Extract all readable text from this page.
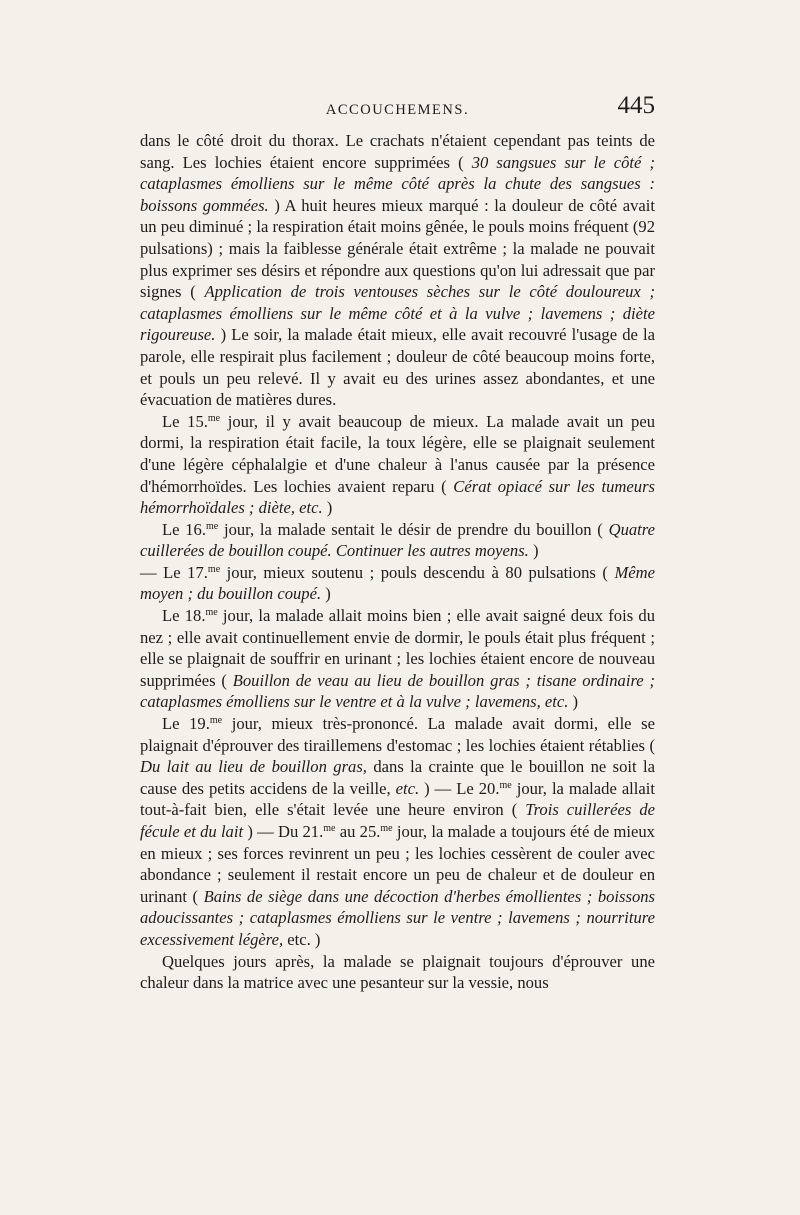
ACCOUCHEMENS.	445

dans le côté droit du thorax. Le crachats n'étaient cependant pas teints de sang. Les lochies étaient encore supprimées ( 30 sangsues sur le côté ; cataplasmes émolliens sur le même côté après la chute des sangsues : boissons gommées. ) A huit heures mieux marqué : la douleur de côté avait un peu diminué ; la respiration était moins gênée, le pouls moins fréquent (92 pulsations) ; mais la faiblesse générale était extrême ; la malade ne pouvait plus exprimer ses désirs et répondre aux questions qu'on lui adressait que par signes ( Application de trois ventouses sèches sur le côté douloureux ; cataplasmes émolliens sur le même côté et à la vulve ; lavemens ; diète rigoureuse. ) Le soir, la malade était mieux, elle avait recouvré l'usage de la parole, elle respirait plus facilement ; douleur de côté beaucoup moins forte, et pouls un peu relevé. Il y avait eu des urines assez abondantes, et une évacuation de matières dures.

Le 15.$^{me}$ jour, il y avait beaucoup de mieux. La malade avait un peu dormi, la respiration était facile, la toux légère, elle se plaignait seulement d'une légère céphalalgie et d'une chaleur à l'anus causée par la présence d'hémorrhoïdes. Les lochies avaient reparu ( Cérat opiacé sur les tumeurs hémorrhoïdales ; diète, etc. )

Le 16.$^{me}$ jour, la malade sentait le désir de prendre du bouillon ( Quatre cuillerées de bouillon coupé. Continuer les autres moyens. )

— Le 17.$^{me}$ jour, mieux soutenu ; pouls descendu à 80 pulsations ( Même moyen ; du bouillon coupé. )

Le 18.$^{me}$ jour, la malade allait moins bien ; elle avait saigné deux fois du nez ; elle avait continuellement envie de dormir, le pouls était plus fréquent ; elle se plaignait de souffrir en urinant ; les lochies étaient encore de nouveau supprimées ( Bouillon de veau au lieu de bouillon gras ; tisane ordinaire ; cataplasmes émolliens sur le ventre et à la vulve ; lavemens, etc. )

Le 19.$^{me}$ jour, mieux très-prononcé. La malade avait dormi, elle se plaignait d'éprouver des tiraillemens d'estomac ; les lochies étaient rétablies ( Du lait au lieu de bouillon gras, dans la crainte que le bouillon ne soit la cause des petits accidens de la veille, etc. ) — Le 20.$^{me}$ jour, la malade allait tout-à-fait bien, elle s'était levée une heure environ ( Trois cuillerées de fécule et du lait ) — Du 21.$^{me}$ au 25.$^{me}$ jour, la malade a toujours été de mieux en mieux ; ses forces revinrent un peu ; les lochies cessèrent de couler avec abondance ; seulement il restait encore un peu de chaleur et de douleur en urinant ( Bains de siège dans une décoction d'herbes émollientes ; boissons adoucissantes ; cataplasmes émolliens sur le ventre ; lavemens ; nourriture excessivement légère, etc. )

Quelques jours après, la malade se plaignait toujours d'éprouver une chaleur dans la matrice avec une pesanteur sur la vessie, nous
